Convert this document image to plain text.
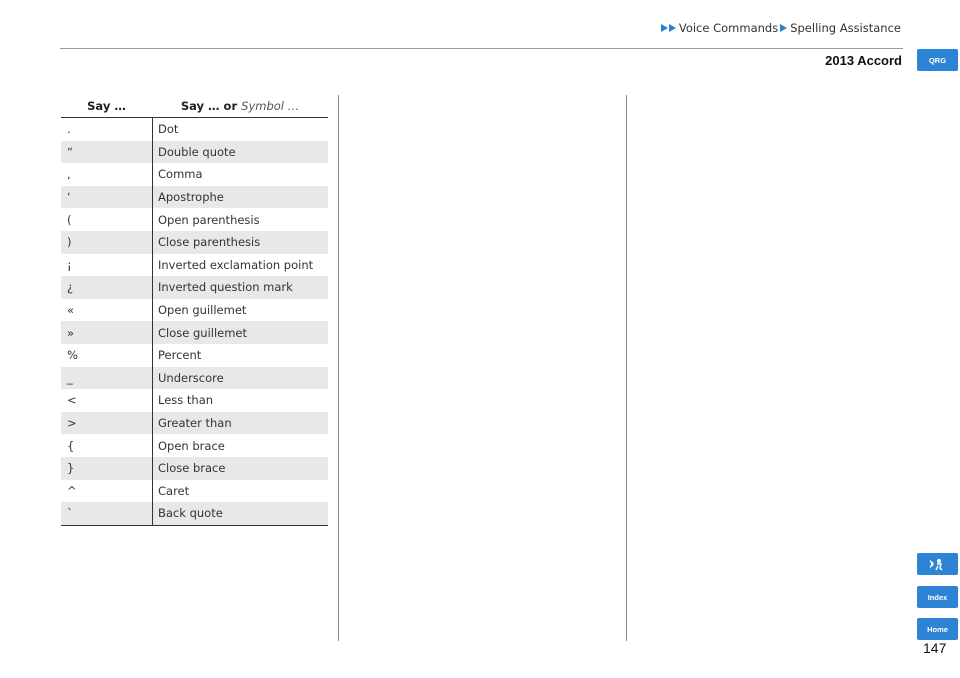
Voice Commands Spelling Assistance
2013 Accord	QRG
Index
Home
147
Say …	Say … or Symbol …
.	Dot
“	Double quote
,	Comma
‘	Apostrophe
(	Open parenthesis
)	Close parenthesis
¡	Inverted exclamation point
¿	Inverted question mark
«	Open guillemet
»	Close guillemet
%	Percent
_	Underscore
<	Less than
>	Greater than
{	Open brace
}	Close brace
^	Caret
`	Back quote
